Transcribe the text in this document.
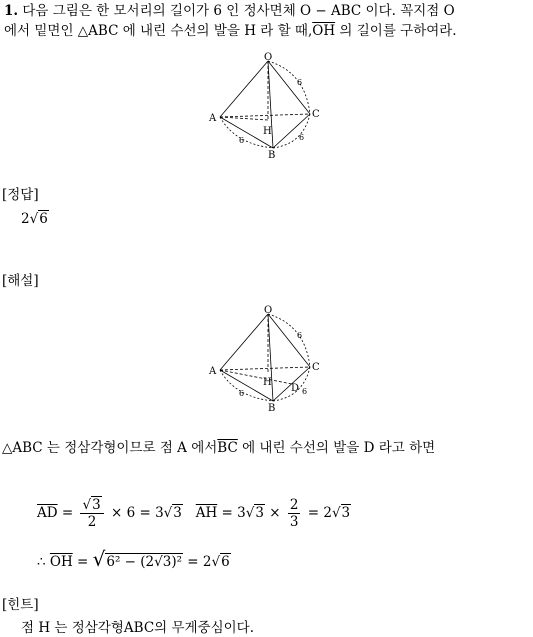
1. 다음 그림은 한 모서리의 길이가 6 인 정사면체 O − ABC 이다. 꼭지점 O
에서 밑면인 △ABC 에 내린 수선의 발을 H 라 할 때$,\overline{OH}$ 의 길이를 구하여라.
O
A
B
C
H
6
6	6
[정답]
2√6
[해설]
O
A
B
C
H
D
6
6	6
△ABC 는 정삼각형이므로 점 A 에서$\overline{BC}$ 에 내린 수선의 발을 D 라고 하면
$\overline{AD} = \frac{√3}{2} \times 6 = 3√3$ $\overline{AH} = 3√3 \times \frac{2}{3} = 2√3$
∴ $\overline{OH} = √6^2 - (2√3)^2 = 2√6$
[힌트]
점 H 는 정삼각형ABC의 무게중심이다.
